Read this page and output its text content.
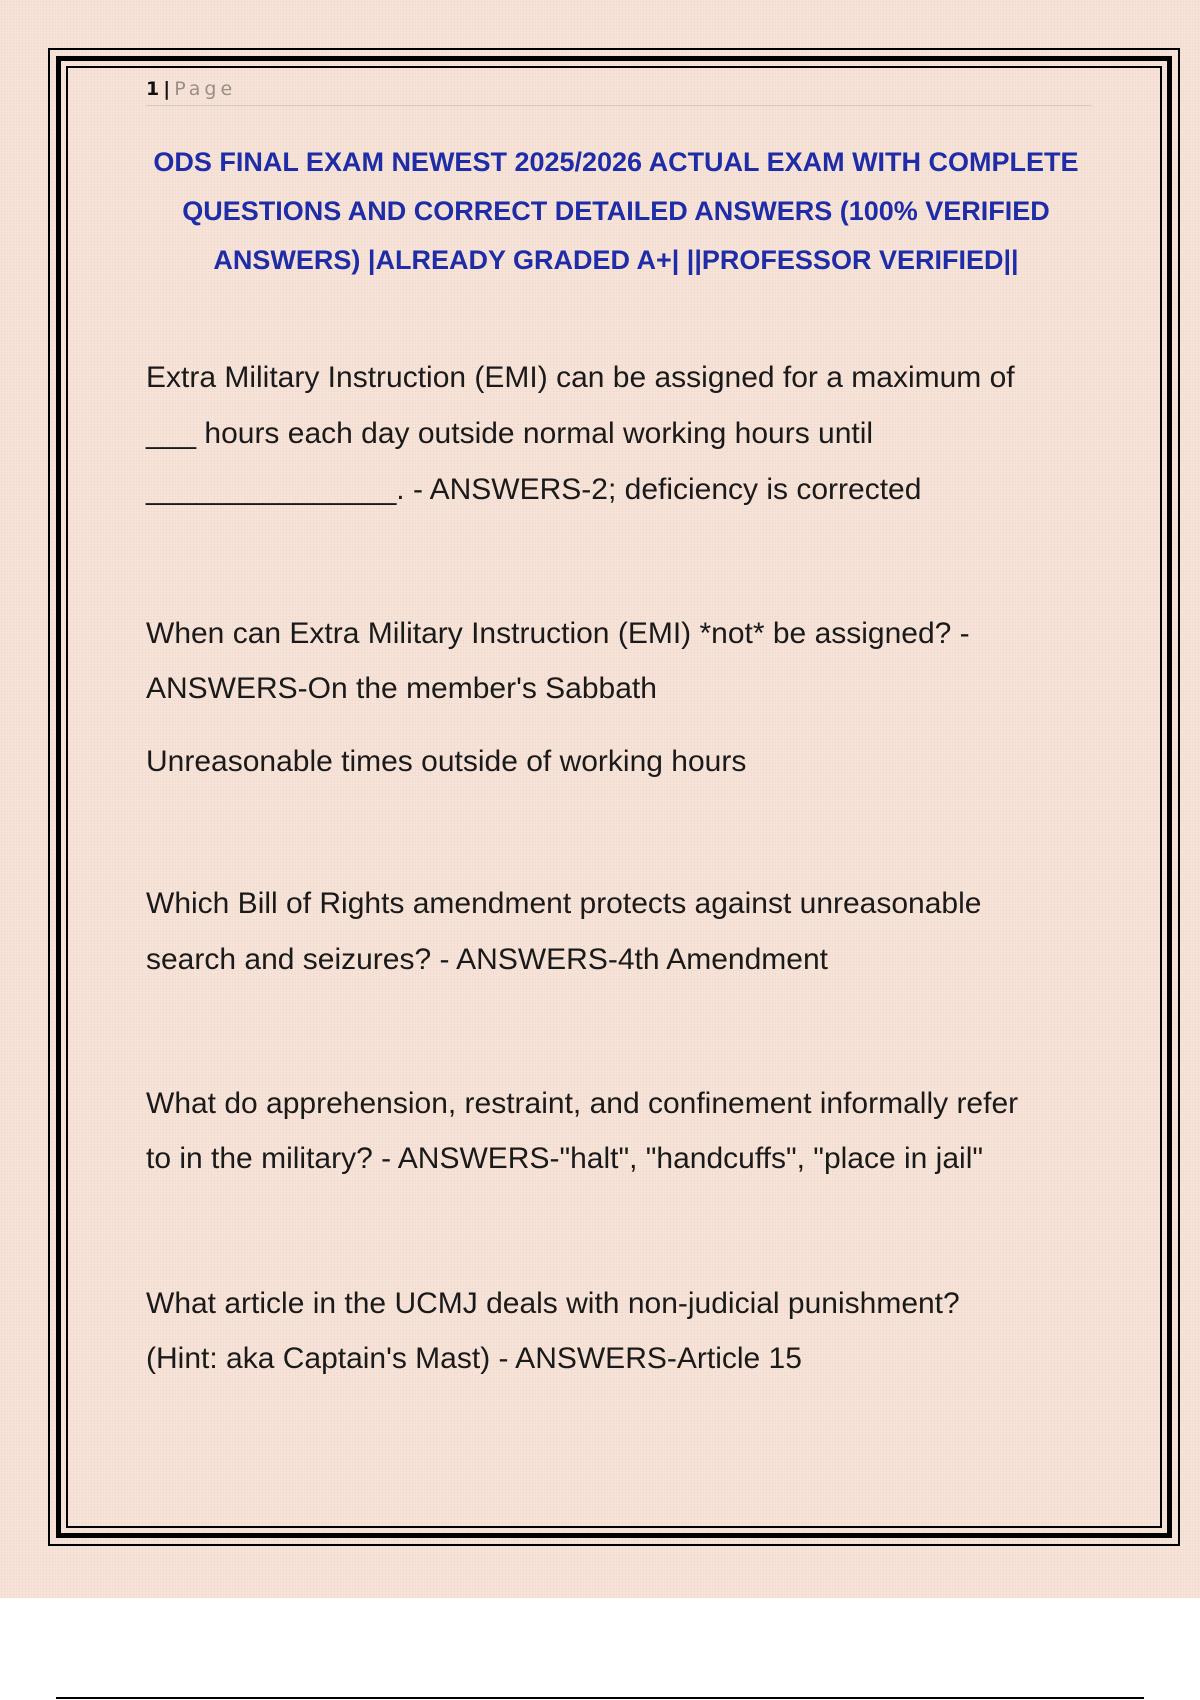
1 | Page
ODS FINAL EXAM NEWEST 2025/2026 ACTUAL EXAM WITH COMPLETE QUESTIONS AND CORRECT DETAILED ANSWERS (100% VERIFIED ANSWERS) |ALREADY GRADED A+| ||PROFESSOR VERIFIED||
Extra Military Instruction (EMI) can be assigned for a maximum of
___ hours each day outside normal working hours until
_______________. - ANSWERS-2; deficiency is corrected
When can Extra Military Instruction (EMI) *not* be assigned? -
ANSWERS-On the member's Sabbath
Unreasonable times outside of working hours
Which Bill of Rights amendment protects against unreasonable
search and seizures? - ANSWERS-4th Amendment
What do apprehension, restraint, and confinement informally refer
to in the military? - ANSWERS-"halt", "handcuffs", "place in jail"
What article in the UCMJ deals with non-judicial punishment?
(Hint: aka Captain's Mast) - ANSWERS-Article 15
